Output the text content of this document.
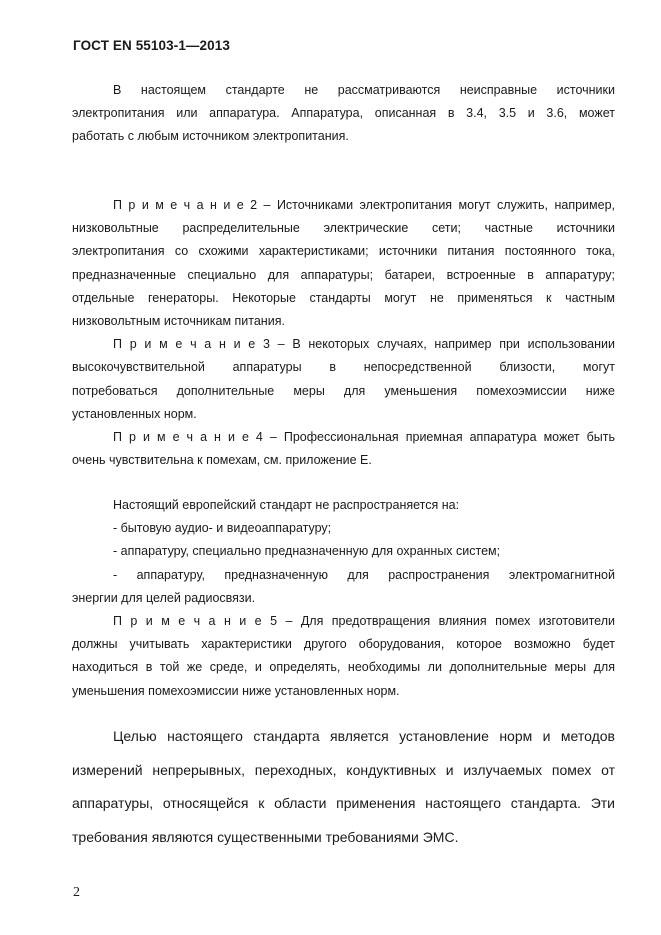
ГОСТ EN 55103-1—2013
В настоящем стандарте не рассматриваются неисправные источники
электропитания или аппаратура. Аппаратура, описанная в 3.4, 3.5 и 3.6, может
работать с любым источником электропитания.
П р и м е ч а н и е 2 – Источниками электропитания могут служить, например,
низковольтные распределительные электрические сети; частные источники
электропитания со схожими характеристиками; источники питания постоянного тока,
предназначенные специально для аппаратуры; батареи, встроенные в аппаратуру;
отдельные генераторы. Некоторые стандарты могут не применяться к частным
низковольтным источникам питания.
П р и м е ч а н и е 3 – В некоторых случаях, например при использовании
высокочувствительной аппаратуры в непосредственной близости, могут
потребоваться дополнительные меры для уменьшения помехоэмиссии ниже
установленных норм.
П р и м е ч а н и е 4 – Профессиональная приемная аппаратура может быть
очень чувствительна к помехам, см. приложение Е.
Настоящий европейский стандарт не распространяется на:
- бытовую аудио- и видеоаппаратуру;
- аппаратуру, специально предназначенную для охранных систем;
- аппаратуру, предназначенную для распространения электромагнитной
энергии для целей радиосвязи.
П р и м е ч а н и е 5 – Для предотвращения влияния помех изготовители
должны учитывать характеристики другого оборудования, которое возможно будет
находиться в той же среде, и определять, необходимы ли дополнительные меры для
уменьшения помехоэмиссии ниже установленных норм.
Целью настоящего стандарта является установление норм и методов
измерений непрерывных, переходных, кондуктивных и излучаемых помех от
аппаратуры, относящейся к области применения настоящего стандарта. Эти
требования являются существенными требованиями ЭМС.
2
